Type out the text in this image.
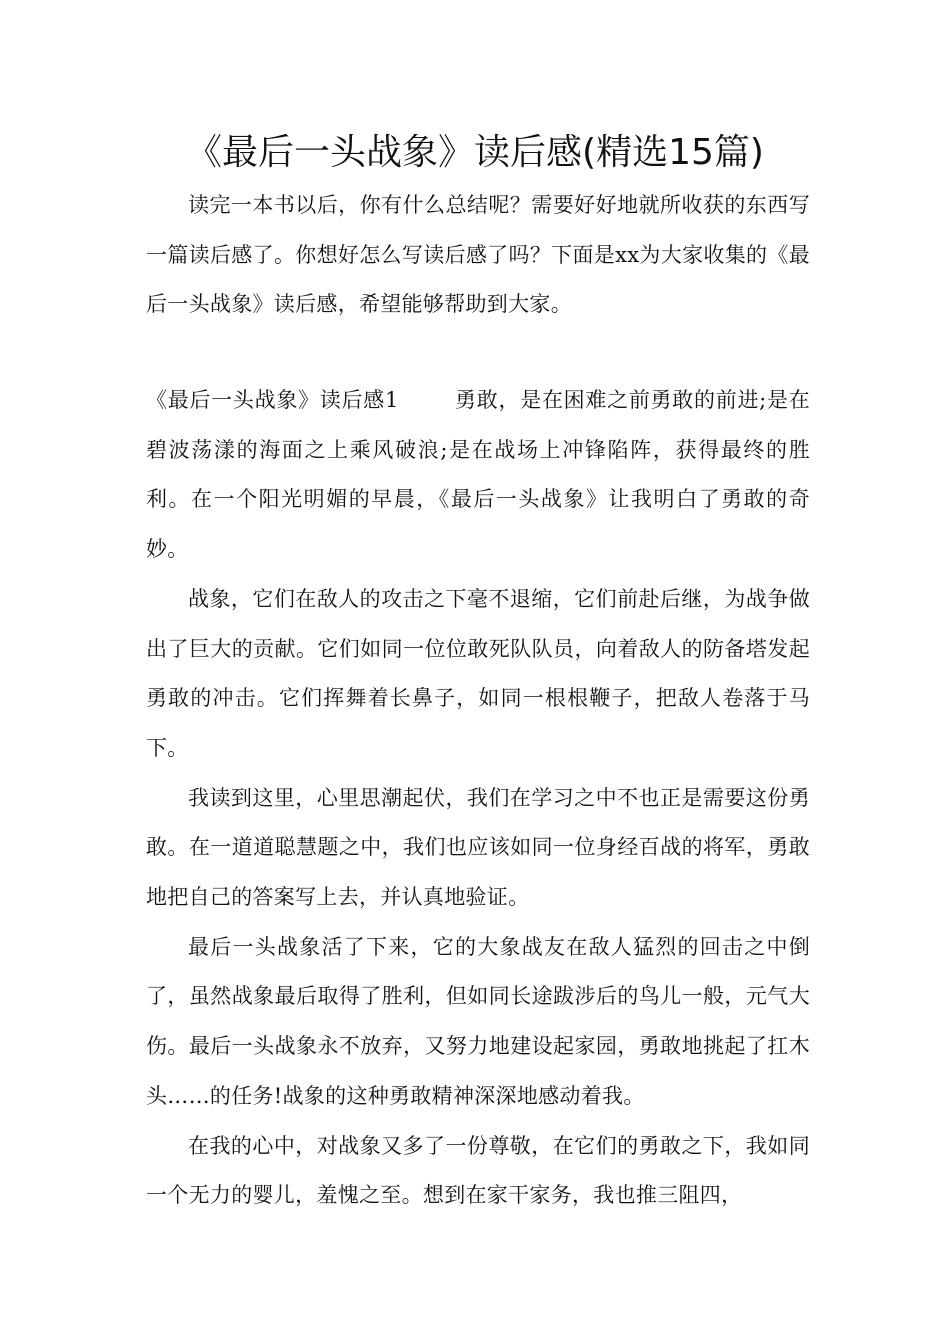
《最后一头战象》读后感(精选15篇)

读完一本书以后，你有什么总结呢？需要好好地就所收获的东西写一篇读后感了。你想好怎么写读后感了吗？下面是xx为大家收集的《最后一头战象》读后感，希望能够帮助到大家。

《最后一头战象》读后感1	勇敢，是在困难之前勇敢的前进;是在碧波荡漾的海面之上乘风破浪;是在战场上冲锋陷阵，获得最终的胜利。在一个阳光明媚的早晨，《最后一头战象》让我明白了勇敢的奇妙。

战象，它们在敌人的攻击之下毫不退缩，它们前赴后继，为战争做出了巨大的贡献。它们如同一位位敢死队队员，向着敌人的防备塔发起勇敢的冲击。它们挥舞着长鼻子，如同一根根鞭子，把敌人卷落于马下。

我读到这里，心里思潮起伏，我们在学习之中不也正是需要这份勇敢。在一道道聪慧题之中，我们也应该如同一位身经百战的将军，勇敢地把自己的答案写上去，并认真地验证。

最后一头战象活了下来，它的大象战友在敌人猛烈的回击之中倒了，虽然战象最后取得了胜利，但如同长途跋涉后的鸟儿一般，元气大伤。最后一头战象永不放弃，又努力地建设起家园，勇敢地挑起了扛木头……的任务!战象的这种勇敢精神深深地感动着我。

在我的心中，对战象又多了一份尊敬，在它们的勇敢之下，我如同一个无力的婴儿，羞愧之至。想到在家干家务，我也推三阻四，
